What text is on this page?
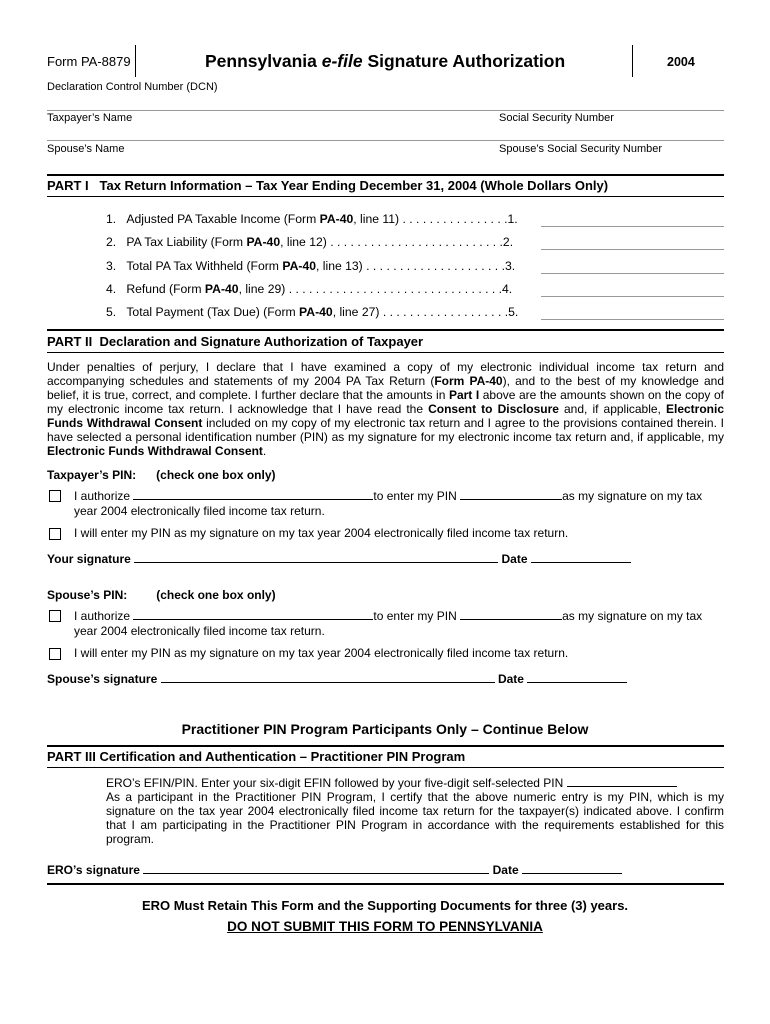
Form PA-8879	Pennsylvania e-file Signature Authorization	2004
Declaration Control Number (DCN)
Taxpayer’s Name	Social Security Number
Spouse’s Name	Spouse’s Social Security Number
PART I Tax Return Information – Tax Year Ending December 31, 2004 (Whole Dollars Only)
1. Adjusted PA Taxable Income (Form PA-40, line 11) . . . . . . . . . . . . . . . .1.
2. PA Tax Liability (Form PA-40, line 12) . . . . . . . . . . . . . . . . . . . . . . . . . .2.
3. Total PA Tax Withheld (Form PA-40, line 13) . . . . . . . . . . . . . . . . . . . . .3.
4. Refund (Form PA-40, line 29) . . . . . . . . . . . . . . . . . . . . . . . . . . . . . . . .4.
5. Total Payment (Tax Due) (Form PA-40, line 27) . . . . . . . . . . . . . . . . . . .5.
PART II  Declaration and Signature Authorization of Taxpayer
Under penalties of perjury, I declare that I have examined a copy of my electronic individual income tax return and accompanying schedules and statements of my 2004 PA Tax Return (Form PA-40), and to the best of my knowledge and belief, it is true, correct, and complete. I further declare that the amounts in Part I above are the amounts shown on the copy of my electronic income tax return. I acknowledge that I have read the Consent to Disclosure and, if applicable, Electronic Funds Withdrawal Consent included on my copy of my electronic tax return and I agree to the provisions contained therein. I have selected a personal identification number (PIN) as my signature for my electronic income tax return and, if applicable, my Electronic Funds Withdrawal Consent.
Taxpayer’s PIN: (check one box only)
I authorize	to enter my PIN	as my signature on my tax
year 2004 electronically filed income tax return.
I will enter my PIN as my signature on my tax year 2004 electronically filed income tax return.
Your signature	Date
Spouse’s PIN: (check one box only)
I authorize	to enter my PIN	as my signature on my tax
year 2004 electronically filed income tax return.
I will enter my PIN as my signature on my tax year 2004 electronically filed income tax return.
Spouse’s signature	Date
Practitioner PIN Program Participants Only – Continue Below
PART III Certification and Authentication – Practitioner PIN Program
ERO’s EFIN/PIN. Enter your six-digit EFIN followed by your five-digit self-selected PIN
As a participant in the Practitioner PIN Program, I certify that the above numeric entry is my PIN, which is my signature on the tax year 2004 electronically filed income tax return for the taxpayer(s) indicated above. I confirm that I am participating in the Practitioner PIN Program in accordance with the requirements established for this program.
ERO’s signature	Date
ERO Must Retain This Form and the Supporting Documents for three (3) years.
DO NOT SUBMIT THIS FORM TO PENNSYLVANIA
